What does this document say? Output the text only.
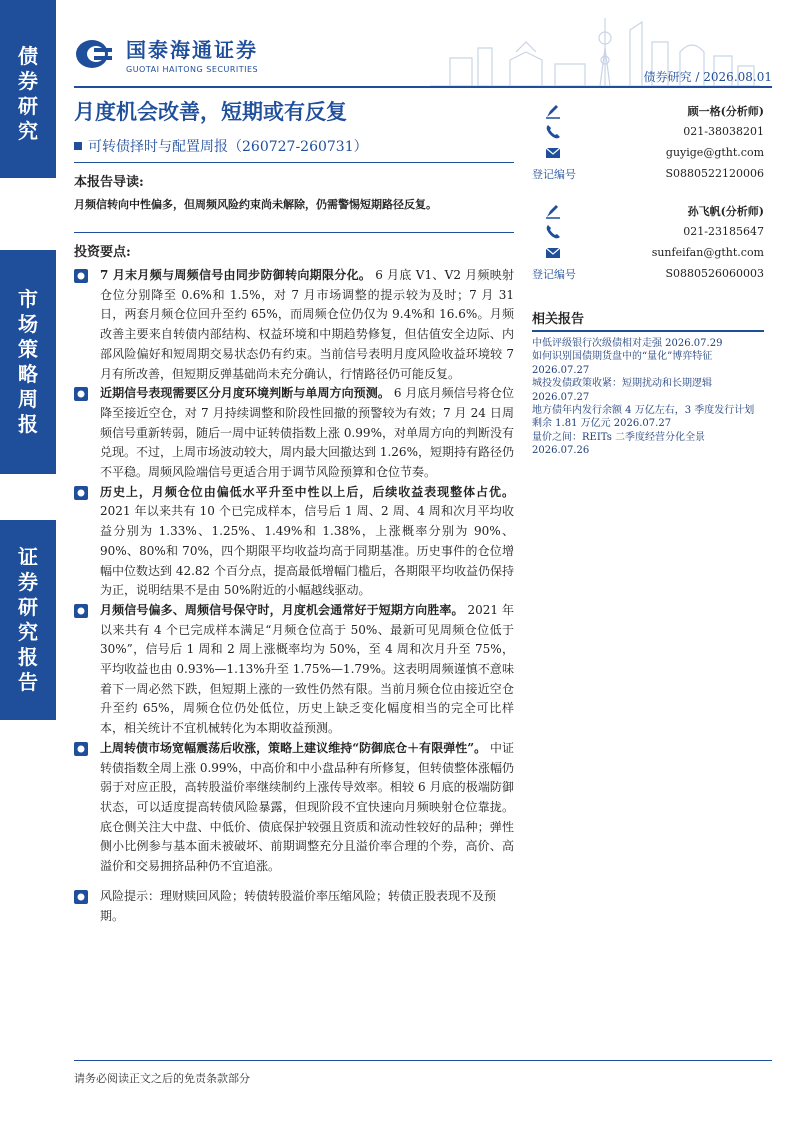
债
券
研
究
市
场
策
略
周
报
证
券
研
究
报
告
国泰海通证券
GUOTAI HAITONG SECURITIES
债券研究 / 2026.08.01
月度机会改善，短期或有反复
可转债择时与配置周报（260727-260731）
本报告导读:
月频信转向中性偏多，但周频风险约束尚未解除，仍需警惕短期路径反复。
投资要点:
7 月末月频与周频信号由同步防御转向期限分化。 6 月底 V1、V2 月频映射仓位分别降至 0.6%和 1.5%，对 7 月市场调整的提示较为及时；7 月 31 日，两套月频仓位回升至约 65%，而周频仓位仍仅为 9.4%和 16.6%。月频改善主要来自转债内部结构、权益环境和中期趋势修复，但估值安全边际、内部风险偏好和短周期交易状态仍有约束。当前信号表明月度风险收益环境较 7 月有所改善，但短期反弹基础尚未充分确认，行情路径仍可能反复。
近期信号表现需要区分月度环境判断与单周方向预测。 6 月底月频信号将仓位降至接近空仓，对 7 月持续调整和阶段性回撤的预警较为有效；7 月 24 日周频信号重新转弱，随后一周中证转债指数上涨 0.99%，对单周方向的判断没有兑现。不过，上周市场波动较大，周内最大回撤达到 1.26%，短期持有路径仍不平稳。周频风险端信号更适合用于调节风险预算和仓位节奏。
历史上，月频仓位由偏低水平升至中性以上后，后续收益表现整体占优。 2021 年以来共有 10 个已完成样本，信号后 1 周、2 周、4 周和次月平均收益分别为 1.33%、1.25%、1.49%和 1.38%，上涨概率分别为 90%、90%、80%和 70%，四个期限平均收益均高于同期基准。历史事件的仓位增幅中位数达到 42.82 个百分点，提高最低增幅门槛后，各期限平均收益仍保持为正，说明结果不是由 50%附近的小幅越线驱动。
月频信号偏多、周频信号保守时，月度机会通常好于短期方向胜率。 2021 年以来共有 4 个已完成样本满足“月频仓位高于 50%、最新可见周频仓位低于 30%”，信号后 1 周和 2 周上涨概率均为 50%，至 4 周和次月升至 75%，平均收益也由 0.93%—1.13%升至 1.75%—1.79%。这表明周频谨慎不意味着下一周必然下跌，但短期上涨的一致性仍然有限。当前月频仓位由接近空仓升至约 65%，周频仓位仍处低位，历史上缺乏变化幅度相当的完全可比样本，相关统计不宜机械转化为本期收益预测。
上周转债市场宽幅震荡后收涨，策略上建议维持“防御底仓＋有限弹性”。 中证转债指数全周上涨 0.99%，中高价和中小盘品种有所修复，但转债整体涨幅仍弱于对应正股，高转股溢价率继续制约上涨传导效率。相较 6 月底的极端防御状态，可以适度提高转债风险暴露，但现阶段不宜快速向月频映射仓位靠拢。底仓侧关注大中盘、中低价、债底保护较强且资质和流动性较好的品种；弹性侧小比例参与基本面未被破坏、前期调整充分且溢价率合理的个券，高价、高溢价和交易拥挤品种仍不宜追涨。
风险提示：理财赎回风险；转债转股溢价率压缩风险；转债正股表现不及预期。
顾一格(分析师)
021-38038201
guyige@gtht.com
登记编号	S0880522120006
孙飞帆(分析师)
021-23185647
sunfeifan@gtht.com
登记编号	S0880526060003
相关报告
中低评级银行次级债相对走强 2026.07.29
如何识别国债期货盘中的“量化”博弈特征 2026.07.27
城投发债政策收紧：短期扰动和长期逻辑 2026.07.27
地方债年内发行余额 4 万亿左右，3 季度发行计划剩余 1.81 万亿元 2026.07.27
量价之间：REITs 二季度经营分化全景 2026.07.26
请务必阅读正文之后的免责条款部分
